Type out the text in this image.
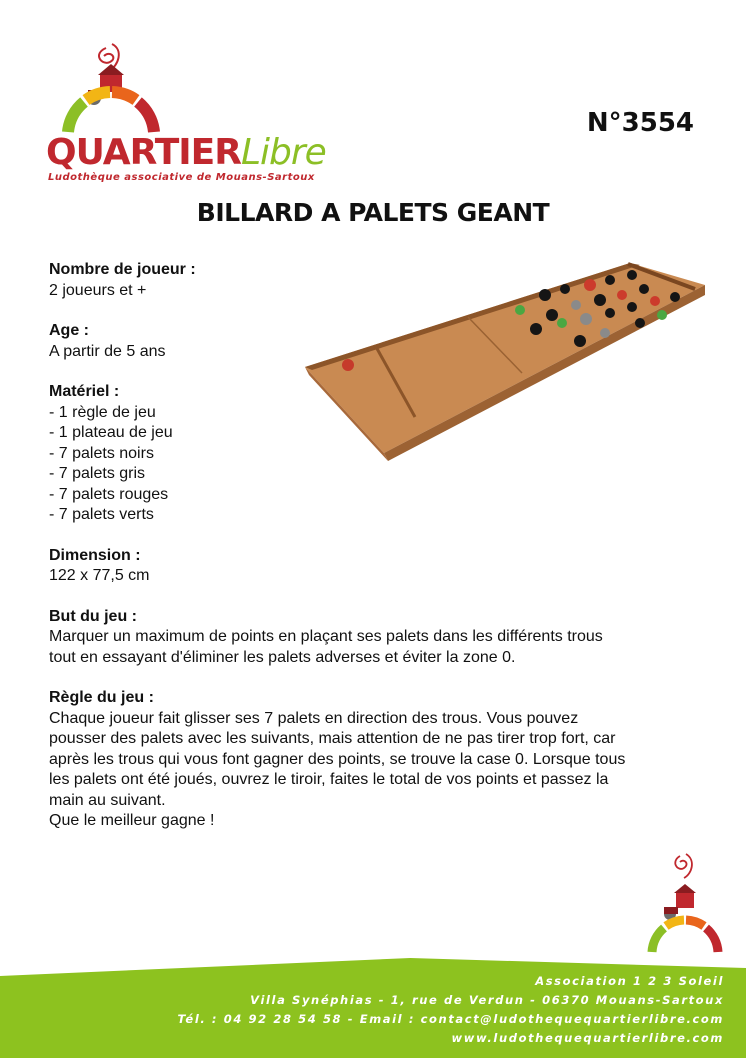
QUARTIERLibre
Ludothèque associative de Mouans-Sartoux
N°3554
BILLARD A PALETS GEANT
Nombre de joueur :
2 joueurs et +
Age :
A partir de 5 ans
Matériel :
- 1 règle de jeu
- 1 plateau de jeu
- 7 palets noirs
- 7 palets gris
- 7 palets rouges
- 7 palets verts
Dimension :
122 x 77,5 cm
But du jeu :
Marquer un maximum de points en plaçant ses palets dans les différents trous
tout en essayant d'éliminer les palets adverses et éviter la zone 0.
Règle du jeu :
Chaque joueur fait glisser ses 7 palets en direction des trous. Vous pouvez
pousser des palets avec les suivants, mais attention de ne pas tirer trop fort, car
après les trous qui vous font gagner des points, se trouve la case 0. Lorsque tous
les palets ont été joués, ouvrez le tiroir, faites le total de vos points et passez la
main au suivant.
Que le meilleur gagne !
Association 1 2 3 Soleil
Villa Synéphias - 1, rue de Verdun - 06370 Mouans-Sartoux
Tél. : 04 92 28 54 58 - Email : contact@ludothequequartierlibre.com
www.ludothequequartierlibre.com
